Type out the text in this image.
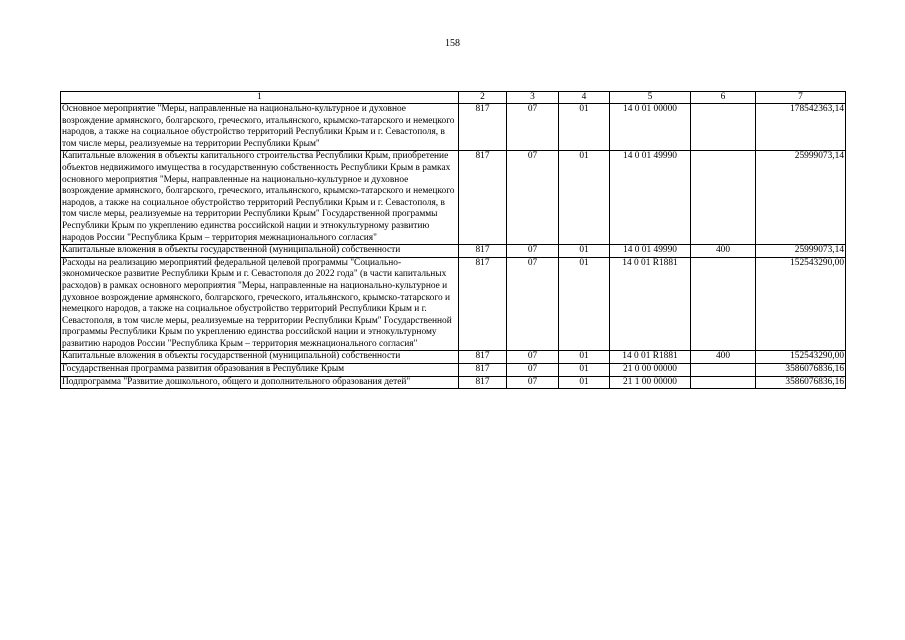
158
1	2	3	4	5	6	7
Основное мероприятие "Меры, направленные на национально-культурное и духовное возрождение армянского, болгарского, греческого, итальянского, крымско-татарского и немецкого народов, а также на социальное обустройство территорий Республики Крым и г. Севастополя, в том числе меры, реализуемые на территории Республики Крым"	817	07	01	14 0 01 00000		178542363,14
Капитальные вложения в объекты капитального строительства Республики Крым, приобретение объектов недвижимого имущества в государственную собственность Республики Крым в рамках основного мероприятия "Меры, направленные на национально-культурное и духовное возрождение армянского, болгарского, греческого, итальянского, крымско-татарского и немецкого народов, а также на социальное обустройство территорий Республики Крым и г. Севастополя, в том числе меры, реализуемые на территории Республики Крым" Государственной программы Республики Крым по укреплению единства российской нации и этнокультурному развитию народов России "Республика Крым – территория межнационального согласия"	817	07	01	14 0 01 49990		25999073,14
Капитальные вложения в объекты государственной (муниципальной) собственности	817	07	01	14 0 01 49990	400	25999073,14
Расходы на реализацию мероприятий федеральной целевой программы "Социально-экономическое развитие Республики Крым и г. Севастополя до 2022 года" (в части капитальных расходов) в рамках основного мероприятия "Меры, направленные на национально-культурное и духовное возрождение армянского, болгарского, греческого, итальянского, крымско-татарского и немецкого народов, а также на социальное обустройство территорий Республики Крым и г. Севастополя, в том числе меры, реализуемые на территории Республики Крым" Государственной программы Республики Крым по укреплению единства российской нации и этнокультурному развитию народов России "Республика Крым – территория межнационального согласия"	817	07	01	14 0 01 R1881		152543290,00
Капитальные вложения в объекты государственной (муниципальной) собственности	817	07	01	14 0 01 R1881	400	152543290,00
Государственная программа развития образования в Республике Крым	817	07	01	21 0 00 00000		3586076836,16
Подпрограмма "Развитие дошкольного, общего и дополнительного образования детей"	817	07	01	21 1 00 00000		3586076836,16
